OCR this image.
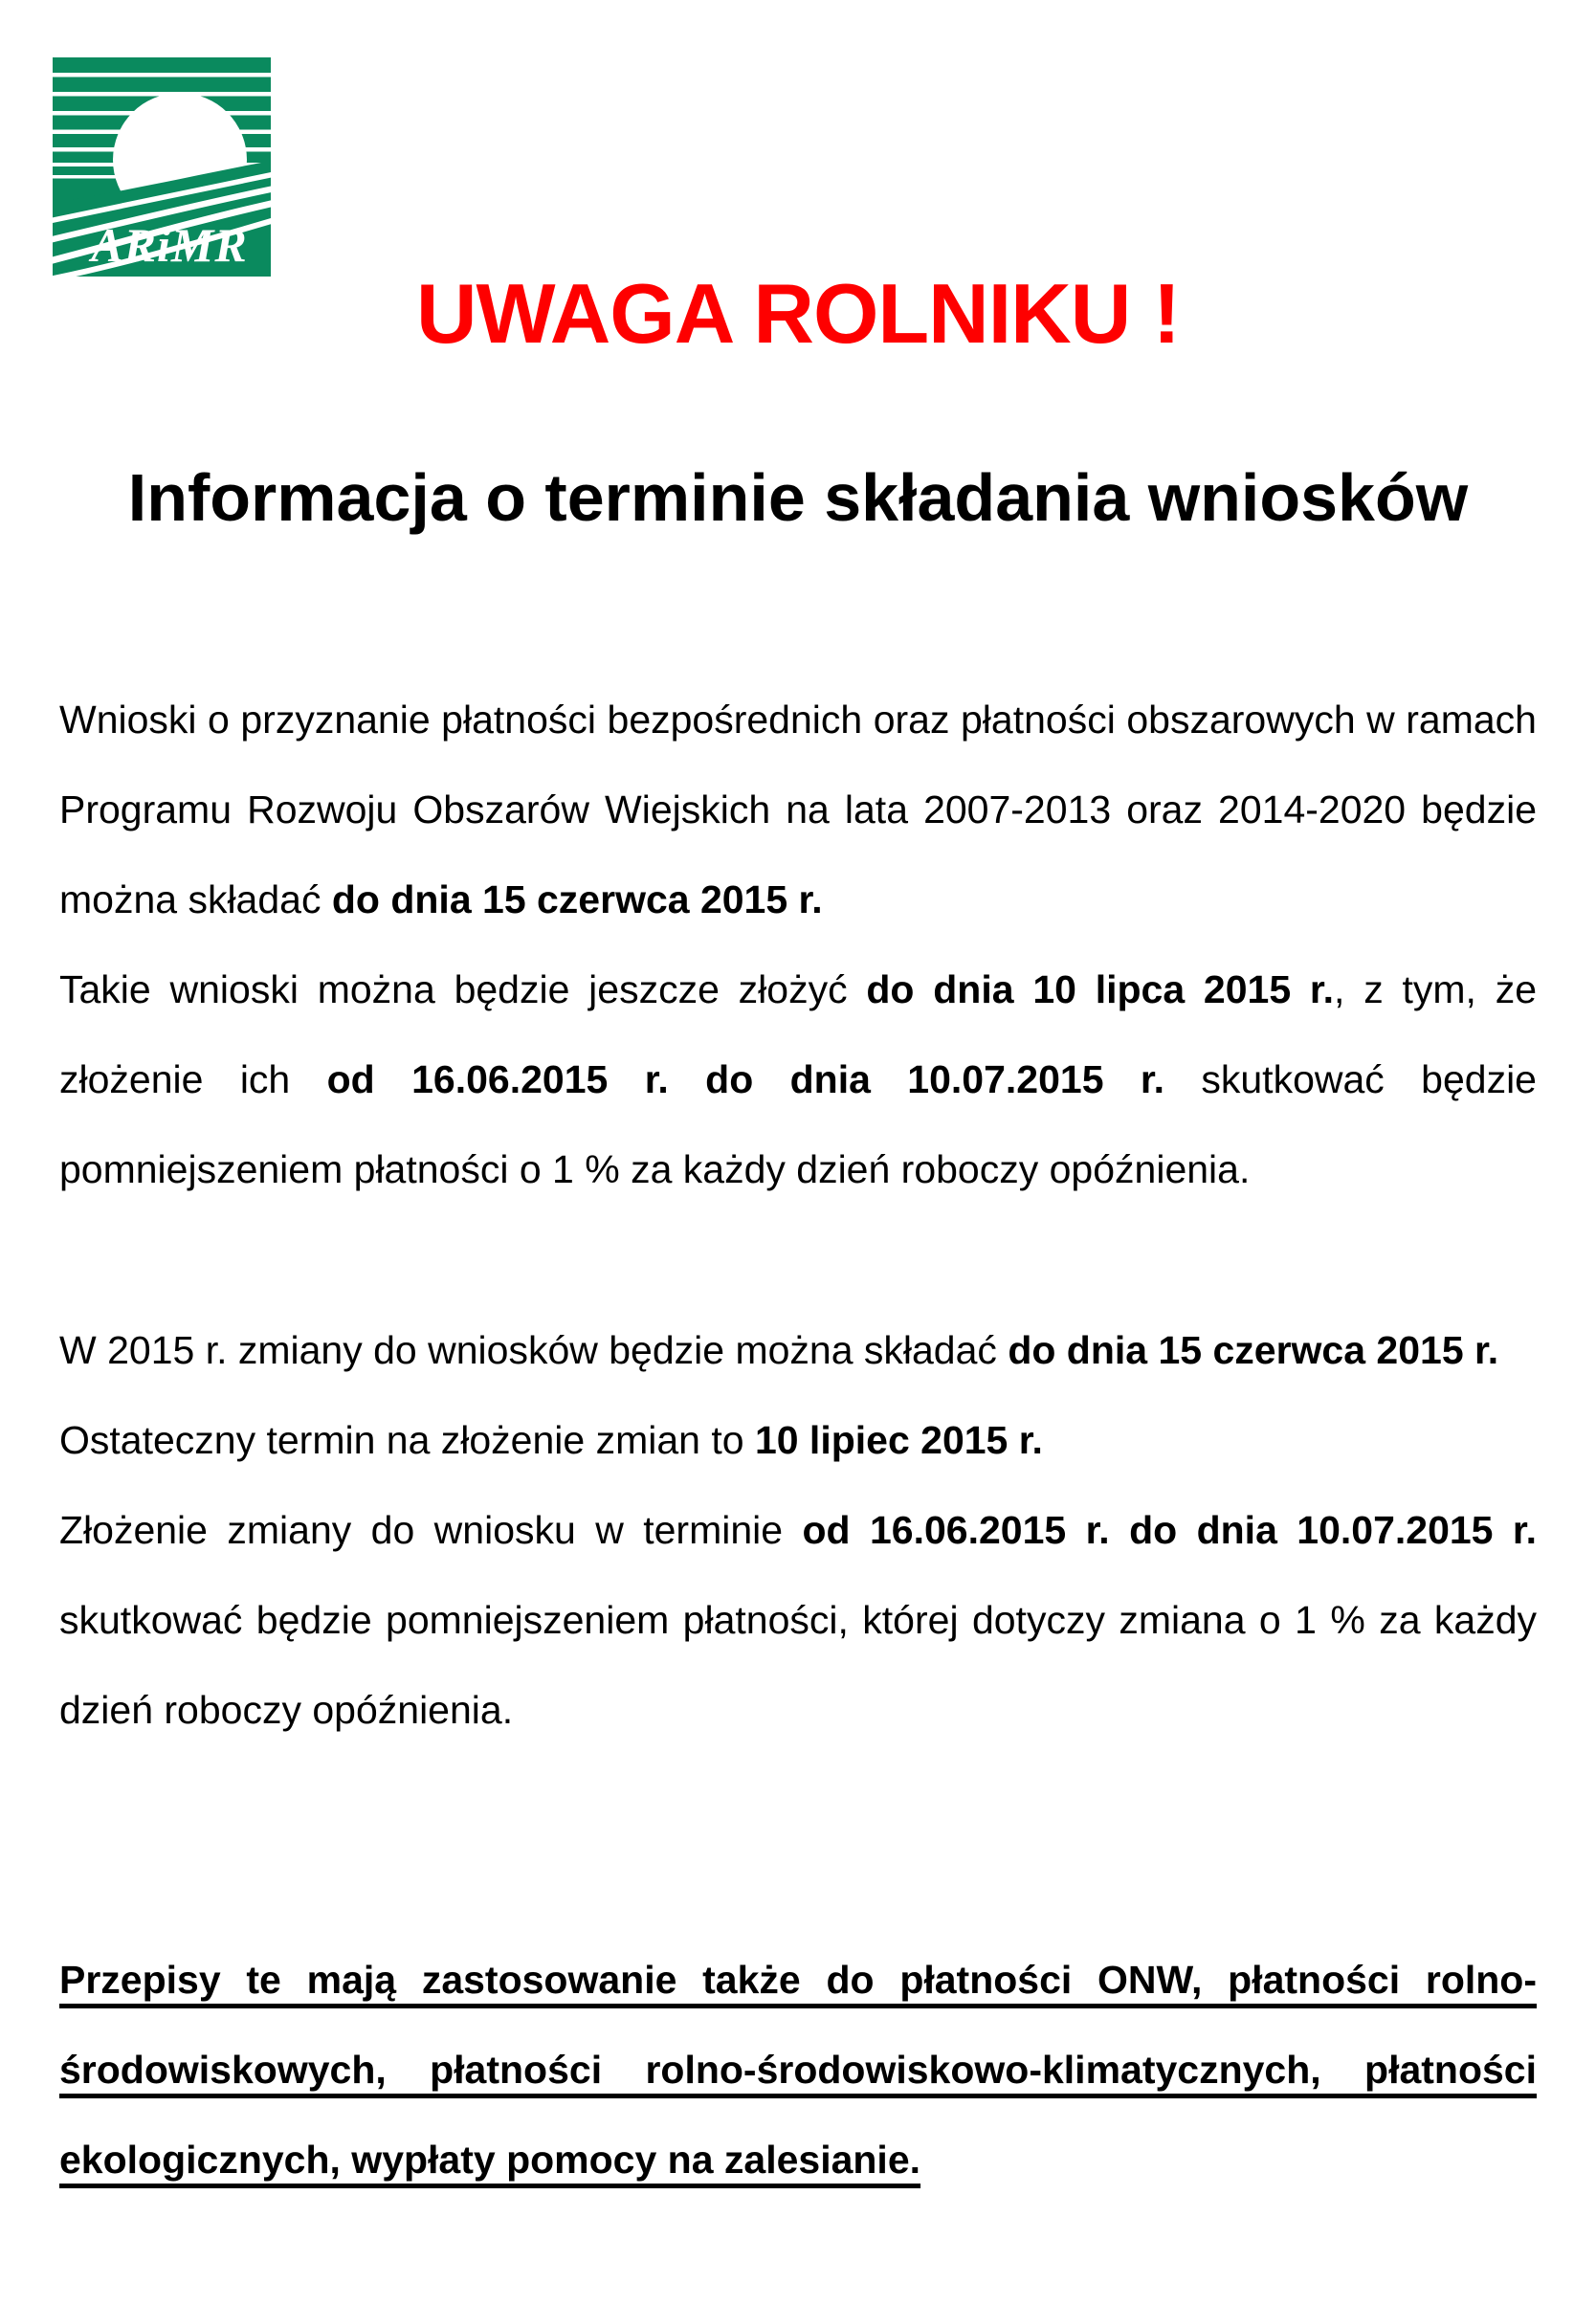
ARiMR
UWAGA ROLNIKU !
Informacja o terminie składania wniosków

Wnioski o przyznanie płatności bezpośrednich oraz płatności obszarowych w ramach Programu Rozwoju Obszarów Wiejskich na lata 2007-2013 oraz 2014-2020 będzie można składać do dnia 15 czerwca 2015 r.

Takie wnioski można będzie jeszcze złożyć do dnia 10 lipca 2015 r., z tym, że złożenie ich od 16.06.2015 r. do dnia 10.07.2015 r. skutkować będzie pomniejszeniem płatności o 1 % za każdy dzień roboczy opóźnienia.

W 2015 r. zmiany do wniosków będzie można składać do dnia 15 czerwca 2015 r.

Ostateczny termin na złożenie zmian to 10 lipiec 2015 r.

Złożenie zmiany do wniosku w terminie od 16.06.2015 r. do dnia 10.07.2015 r. skutkować będzie pomniejszeniem płatności, której dotyczy zmiana o 1 % za każdy dzień roboczy opóźnienia.

Przepisy te mają zastosowanie także do płatności ONW, płatności rolno-środowiskowych, płatności rolno-środowiskowo-klimatycznych, płatności ekologicznych, wypłaty pomocy na zalesianie.
